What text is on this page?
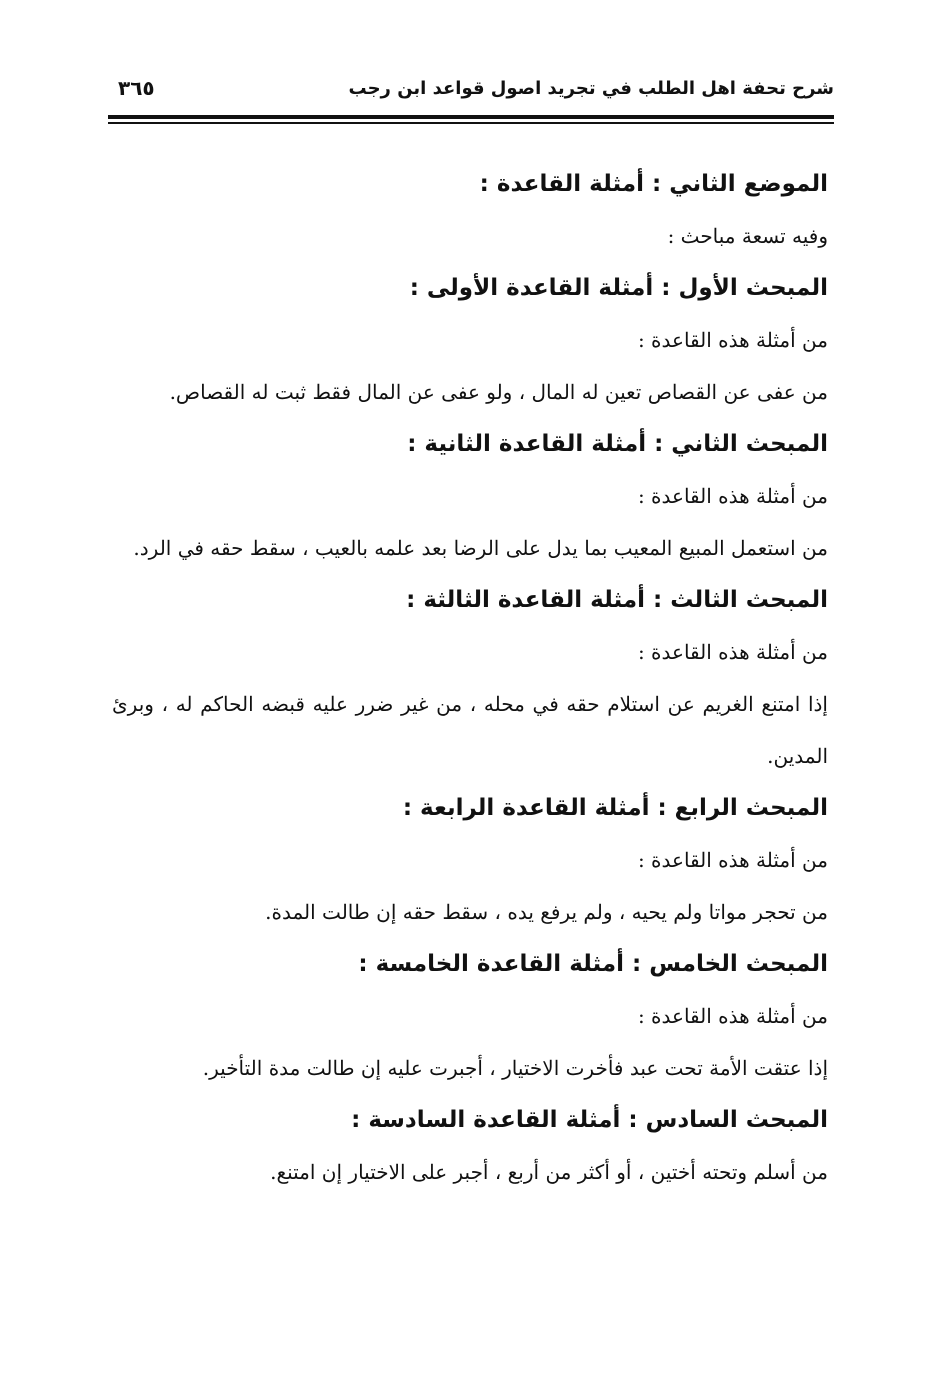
شرح تحفة اهل الطلب في تجريد اصول قواعد ابن رجب
٣٦٥
الموضع الثاني : أمثلة القاعدة :
وفيه تسعة مباحث :
المبحث الأول : أمثلة القاعدة الأولى :
من أمثلة هذه القاعدة :
من عفى عن القصاص تعين له المال ، ولو عفى عن المال فقط ثبت له القصاص.
المبحث الثاني : أمثلة القاعدة الثانية :
من أمثلة هذه القاعدة :
من استعمل المبيع المعيب بما يدل على الرضا بعد علمه بالعيب ، سقط حقه في الرد.
المبحث الثالث : أمثلة القاعدة الثالثة :
من أمثلة هذه القاعدة :
إذا امتنع الغريم عن استلام حقه في محله ، من غير ضرر عليه قبضه الحاكم له ، وبرئ المدين.
المبحث الرابع : أمثلة القاعدة الرابعة :
من أمثلة هذه القاعدة :
من تحجر مواتا ولم يحيه ، ولم يرفع يده ، سقط حقه إن طالت المدة.
المبحث الخامس : أمثلة القاعدة الخامسة :
من أمثلة هذه القاعدة :
إذا عتقت الأمة تحت عبد فأخرت الاختيار ، أجبرت عليه إن طالت مدة التأخير.
المبحث السادس : أمثلة القاعدة السادسة :
من أسلم وتحته أختين ، أو أكثر من أربع ، أجبر على الاختيار إن امتنع.
